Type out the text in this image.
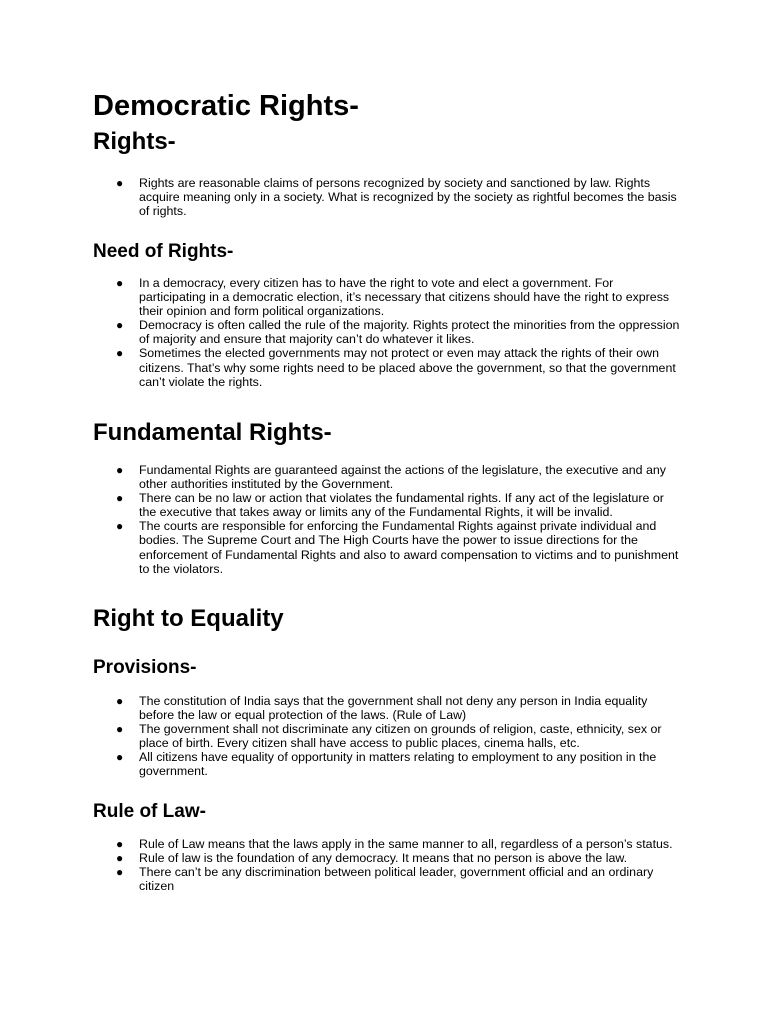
Democratic Rights-
Rights-
● Rights are reasonable claims of persons recognized by society and sanctioned by law. Rights acquire meaning only in a society. What is recognized by the society as rightful becomes the basis of rights.
Need of Rights-
● In a democracy, every citizen has to have the right to vote and elect a government. For participating in a democratic election, it’s necessary that citizens should have the right to express their opinion and form political organizations.
● Democracy is often called the rule of the majority. Rights protect the minorities from the oppression of majority and ensure that majority can’t do whatever it likes.
● Sometimes the elected governments may not protect or even may attack the rights of their own citizens. That’s why some rights need to be placed above the government, so that the government can’t violate the rights.
Fundamental Rights-
● Fundamental Rights are guaranteed against the actions of the legislature, the executive and any other authorities instituted by the Government.
● There can be no law or action that violates the fundamental rights. If any act of the legislature or the executive that takes away or limits any of the Fundamental Rights, it will be invalid.
● The courts are responsible for enforcing the Fundamental Rights against private individual and bodies. The Supreme Court and The High Courts have the power to issue directions for the enforcement of Fundamental Rights and also to award compensation to victims and to punishment to the violators.
Right to Equality
Provisions-
● The constitution of India says that the government shall not deny any person in India equality before the law or equal protection of the laws. (Rule of Law)
● The government shall not discriminate any citizen on grounds of religion, caste, ethnicity, sex or place of birth. Every citizen shall have access to public places, cinema halls, etc.
● All citizens have equality of opportunity in matters relating to employment to any position in the government.
Rule of Law-
● Rule of Law means that the laws apply in the same manner to all, regardless of a person’s status.
● Rule of law is the foundation of any democracy. It means that no person is above the law.
● There can’t be any discrimination between political leader, government official and an ordinary citizen
